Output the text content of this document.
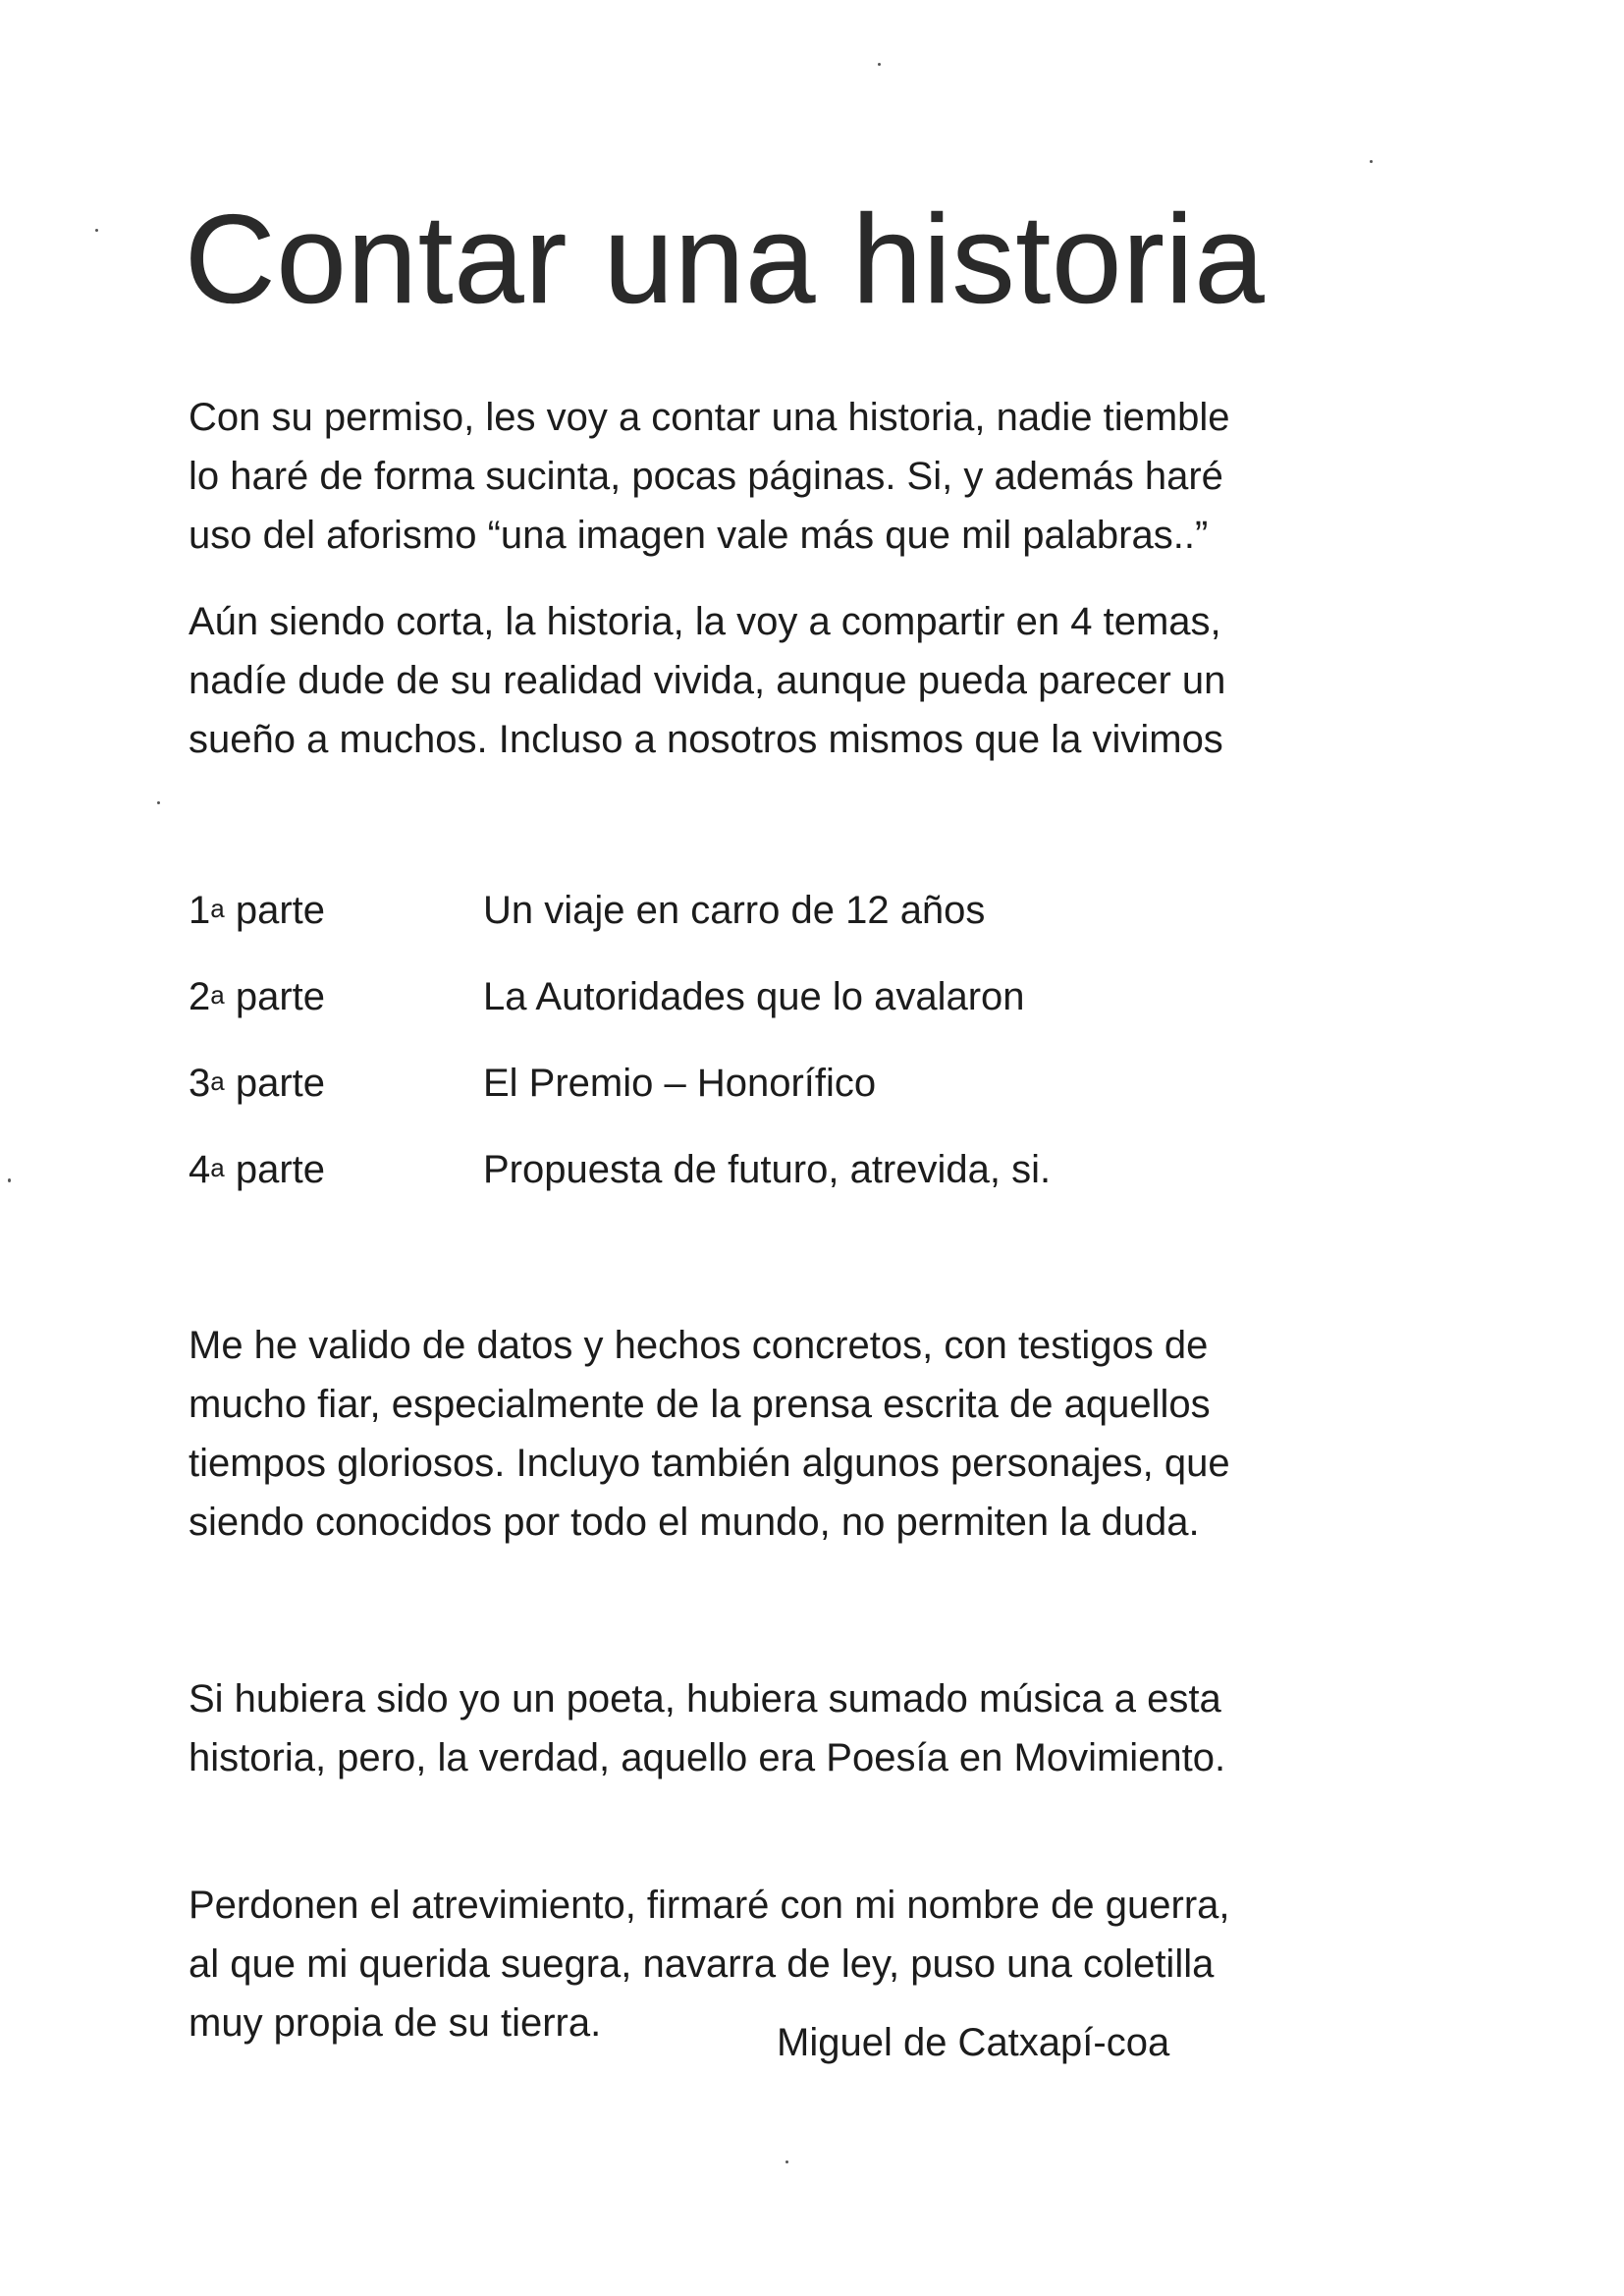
Contar una historia

Con su permiso, les voy a contar una historia, nadie tiemble
lo haré de forma sucinta, pocas páginas. Si, y además haré
uso del aforismo “una imagen vale más que mil palabras..”

Aún siendo corta, la historia, la voy a compartir en 4 temas,
nadíe dude de su realidad vivida, aunque pueda parecer un
sueño a muchos. Incluso a nosotros mismos que la vivimos

1$^a$ parte	Un viaje en carro de 12 años
2$^a$ parte	La Autoridades que lo avalaron
3$^a$ parte	El Premio – Honorífico
4$^a$ parte	Propuesta de futuro, atrevida, si.

Me he valido de datos y hechos concretos, con testigos de
mucho fiar, especialmente de la prensa escrita de aquellos
tiempos gloriosos. Incluyo también algunos personajes, que
siendo conocidos por todo el mundo, no permiten la duda.

Si hubiera sido yo un poeta, hubiera sumado música a esta
historia, pero, la verdad, aquello era Poesía en Movimiento.

Perdonen el atrevimiento, firmaré con mi nombre de guerra,
al que mi querida suegra, navarra de ley, puso una coletilla
muy propia de su tierra.	Miguel de Catxapí-coa
